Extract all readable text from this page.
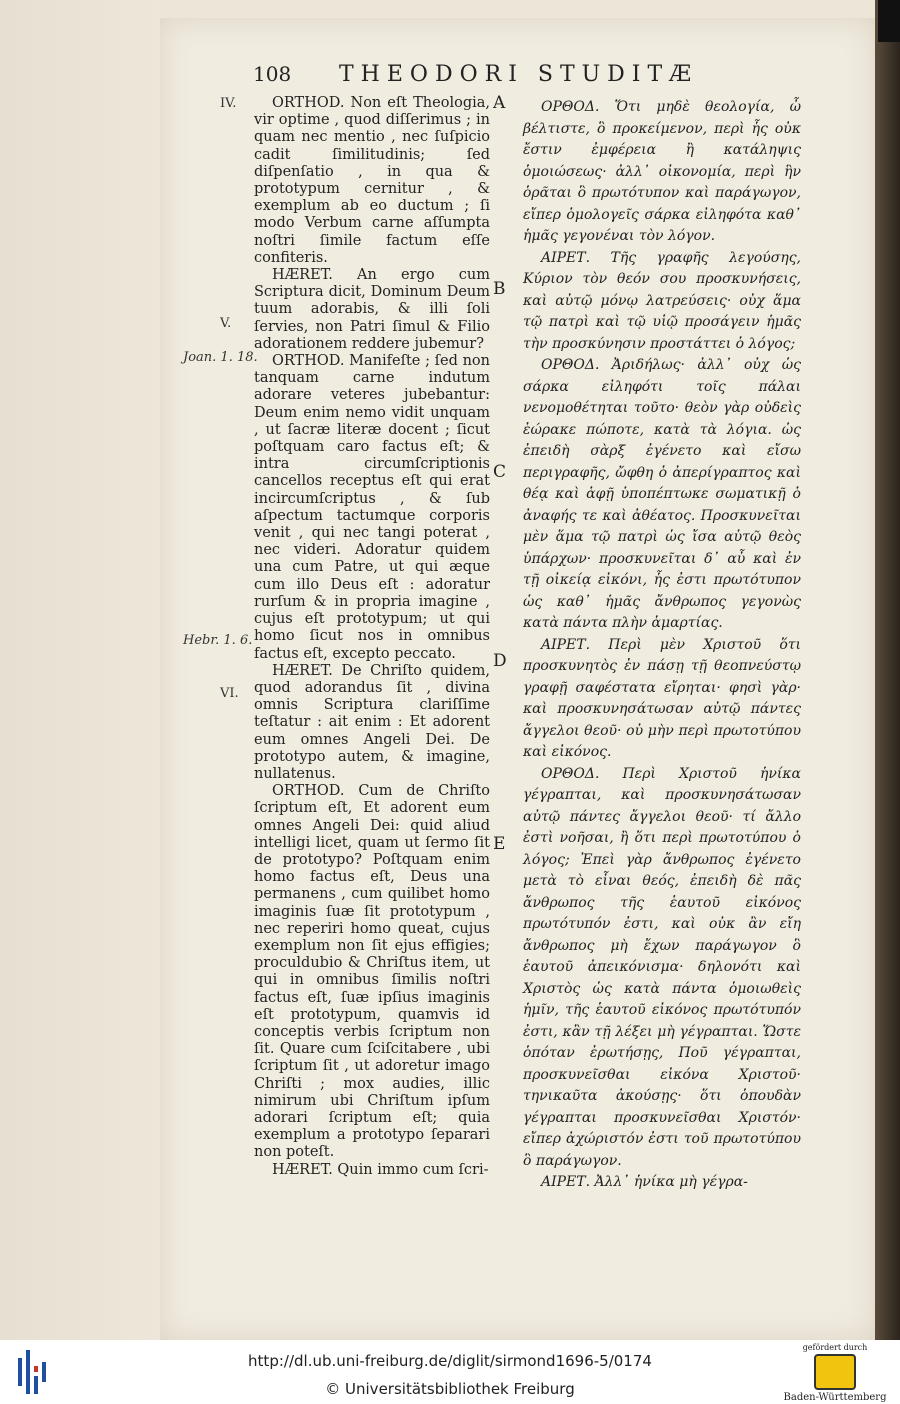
108 THEODORI STUDITÆ
IV.
V.
Joan. 1. 18.
Hebr. 1. 6.
VI.
A
B
C
D
E

ORTHOD. Non eſt Theologia, vir optime , quod diſſerimus ; in quam nec mentio , nec ſuſpicio cadit ſimilitudinis; ſed diſpenſatio , in qua & prototypum cernitur , & exemplum ab eo ductum ; ſi modo Verbum carne aſſumpta noſtri ſimile factum eſſe confiteris.

HÆRET. An ergo cum Scriptura dicit, Dominum Deum tuum adorabis, & illi ſoli ſervies, non Patri ſimul & Filio adorationem reddere jubemur?

ORTHOD. Manifeſte ; ſed non tanquam carne indutum adorare veteres jubebantur: Deum enim nemo vidit unquam , ut ſacræ literæ docent ; ſicut poſtquam caro factus eſt; & intra circumſcriptionis cancellos receptus eſt qui erat incircumſcriptus , & ſub aſpectum tactumque corporis venit , qui nec tangi poterat , nec videri. Adoratur quidem una cum Patre, ut qui æque cum illo Deus eſt : adoratur rurſum & in propria imagine , cujus eſt prototypum; ut qui homo ſicut nos in omnibus factus eſt, excepto peccato.

HÆRET. De Chriſto quidem, quod adorandus ſit , divina omnis Scriptura clariſſime teſtatur : ait enim : Et adorent eum omnes Angeli Dei. De prototypo autem, & imagine, nullatenus.

ORTHOD. Cum de Chriſto ſcriptum eſt, Et adorent eum omnes Angeli Dei: quid aliud intelligi licet, quam ut ſermo ſit de prototypo? Poſtquam enim homo factus eſt, Deus una permanens , cum quilibet homo imaginis ſuæ ſit prototypum , nec reperiri homo queat, cujus exemplum non ſit ejus effigies; proculdubio & Chriſtus item, ut qui in omnibus ſimilis noſtri factus eſt, ſuæ ipſius imaginis eſt prototypum, quamvis id conceptis verbis ſcriptum non ſit. Quare cum ſciſcitabere , ubi ſcriptum ſit , ut adoretur imago Chriſti ; mox audies, illic nimirum ubi Chriſtum ipſum adorari ſcriptum eſt; quia exemplum a prototypo ſeparari non poteſt.

HÆRET. Quin immo cum ſcri-

ΟΡΘΟΔ. Ὅτι μηδὲ θεολογία, ὦ βέλτιστε, ὃ προκείμενον, περὶ ἧς οὐκ ἔστιν ἐμφέρεια ἢ κατάληψις ὁμοιώσεως· ἀλλ᾽ οἰκονομία, περὶ ἣν ὁρᾶται ὃ πρωτότυπον καὶ παράγωγον, εἴπερ ὁμολογεῖς σάρκα εἰληφότα καθ᾽ ἡμᾶς γεγονέναι τὸν λόγον.

ΑΙΡΕΤ. Τῆς γραφῆς λεγούσης, Κύριον τὸν θεόν σου προσκυνήσεις, καὶ αὐτῷ μόνῳ λατρεύσεις· οὐχ ἅμα τῷ πατρὶ καὶ τῷ υἱῷ προσάγειν ἡμᾶς τὴν προσκύνησιν προστάττει ὁ λόγος;

ΟΡΘΟΔ. Ἀριδήλως· ἀλλ᾽ οὐχ ὡς σάρκα εἰληφότι τοῖς πάλαι νενομοθέτηται τοῦτο· θεὸν γὰρ οὐδεὶς ἑώρακε πώποτε, κατὰ τὰ λόγια. ὡς ἐπειδὴ σὰρξ ἐγένετο καὶ εἴσω περιγραφῆς, ὤφθη ὁ ἀπερίγραπτος καὶ θέᾳ καὶ ἁφῇ ὑποπέπτωκε σωματικῇ ὁ ἀναφής τε καὶ ἀθέατος. Προσκυνεῖται μὲν ἅμα τῷ πατρὶ ὡς ἴσα αὐτῷ θεὸς ὑπάρχων· προσκυνεῖται δ᾽ αὖ καὶ ἐν τῇ οἰκείᾳ εἰκόνι, ἧς ἐστι πρωτότυπον ὡς καθ᾽ ἡμᾶς ἄνθρωπος γεγονὼς κατὰ πάντα πλὴν ἁμαρτίας.

ΑΙΡΕΤ. Περὶ μὲν Χριστοῦ ὅτι προσκυνητὸς ἐν πάσῃ τῇ θεοπνεύστῳ γραφῇ σαφέστατα εἴρηται· φησὶ γὰρ· καὶ προσκυνησάτωσαν αὐτῷ πάντες ἄγγελοι θεοῦ· οὐ μὴν περὶ πρωτοτύπου καὶ εἰκόνος.

ΟΡΘΟΔ. Περὶ Χριστοῦ ἡνίκα γέγραπται, καὶ προσκυνησάτωσαν αὐτῷ πάντες ἄγγελοι θεοῦ· τί ἄλλο ἐστὶ νοῆσαι, ἢ ὅτι περὶ πρωτοτύπου ὁ λόγος; Ἐπεὶ γὰρ ἄνθρωπος ἐγένετο μετὰ τὸ εἶναι θεός, ἐπειδὴ δὲ πᾶς ἄνθρωπος τῆς ἑαυτοῦ εἰκόνος πρωτότυπόν ἐστι, καὶ οὐκ ἂν εἴη ἄνθρωπος μὴ ἔχων παράγωγον ὃ ἑαυτοῦ ἀπεικόνισμα· δηλονότι καὶ Χριστὸς ὡς κατὰ πάντα ὁμοιωθεὶς ἡμῖν, τῆς ἑαυτοῦ εἰκόνος πρωτότυπόν ἐστι, κἂν τῇ λέξει μὴ γέγραπται. Ὥστε ὁπόταν ἐρωτήσῃς, Ποῦ γέγραπται, προσκυνεῖσθαι εἰκόνα Χριστοῦ· τηνικαῦτα ἀκούσῃς· ὅτι ὁπουδὰν γέγραπται προσκυνεῖσθαι Χριστόν· εἴπερ ἀχώριστόν ἐστι τοῦ πρωτοτύπου ὃ παράγωγον.

ΑΙΡΕΤ. Ἀλλ᾽ ἡνίκα μὴ γέγρα-

http://dl.ub.uni-freiburg.de/diglit/sirmond1696-5/0174
© Universitätsbibliothek Freiburg
gefördert durch
Baden-Württemberg
